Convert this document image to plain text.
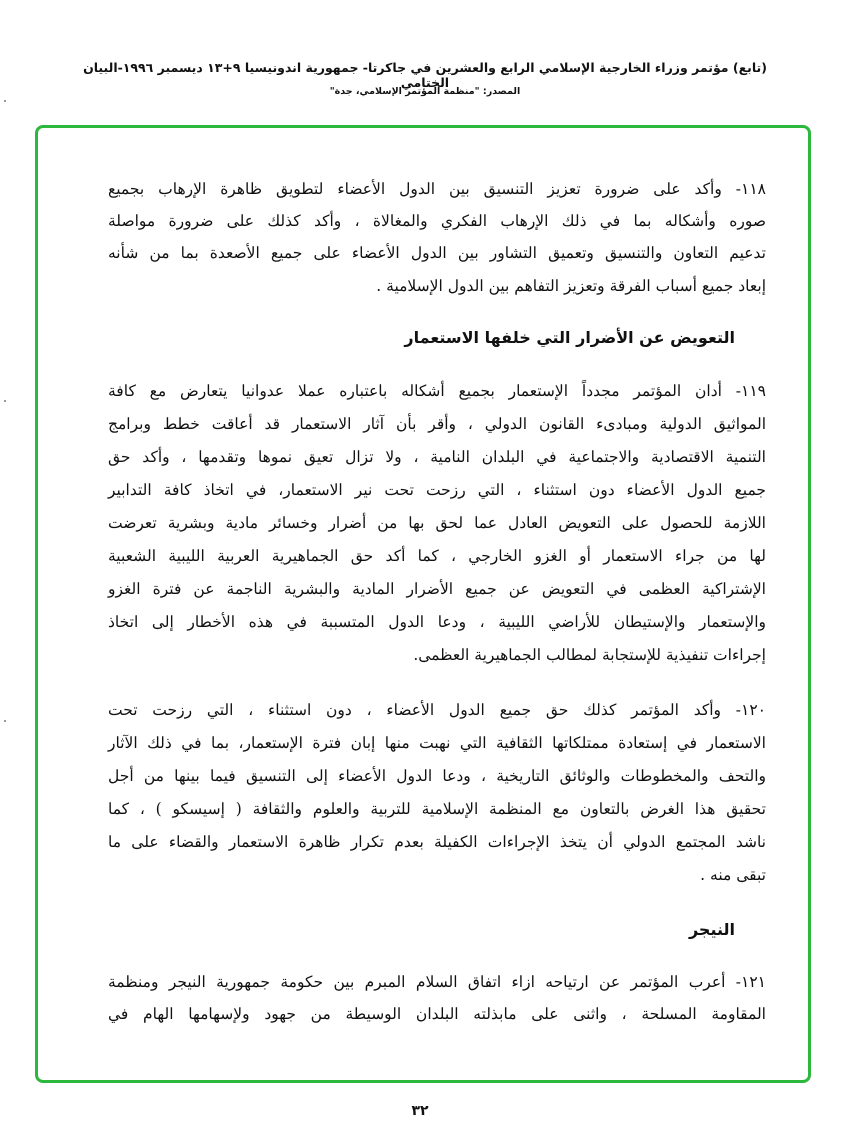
(تابع) مؤتمر وزراء الخارجية الإسلامي الرابع والعشرين في جاكرتا- جمهورية اندونيسيا ٩+١٣ ديسمبر ١٩٩٦-البيان الختامي
المصدر: "منظمة المؤتمر الإسلامي، جدة"
١١٨- وأكد على ضرورة تعزيز التنسيق بين الدول الأعضاء لتطويق ظاهرة الإرهاب بجميع
صوره وأشكاله بما في ذلك الإرهاب الفكري والمغالاة ، وأكد كذلك على ضرورة مواصلة
تدعيم التعاون والتنسيق وتعميق التشاور بين الدول الأعضاء على جميع الأصعدة بما من شأنه
إبعاد جميع أسباب الفرقة وتعزيز التفاهم بين الدول الإسلامية .
التعويض عن الأضرار التي خلفها الاستعمار
١١٩- أدان المؤتمر مجدداً الإستعمار بجميع أشكاله باعتباره عملا عدوانيا يتعارض مع كافة
المواثيق الدولية ومبادىء القانون الدولي ، وأقر بأن آثار الاستعمار قد أعاقت خطط وبرامج
التنمية الاقتصادية والاجتماعية في البلدان النامية ، ولا تزال تعيق نموها وتقدمها ، وأكد حق
جميع الدول الأعضاء دون استثناء ، التي رزحت تحت نير الاستعمار، في اتخاذ كافة التدابير
اللازمة للحصول على التعويض العادل عما لحق بها من أضرار وخسائر مادية وبشرية تعرضت
لها من جراء الاستعمار أو الغزو الخارجي ، كما أكد حق الجماهيرية العربية الليبية الشعبية
الإشتراكية العظمى في التعويض عن جميع الأضرار المادية والبشرية الناجمة عن فترة الغزو
والإستعمار والإستيطان للأراضي الليبية ، ودعا الدول المتسببة في هذه الأخطار إلى اتخاذ
إجراءات تنفيذية للإستجابة لمطالب الجماهيرية العظمى.
١٢٠- وأكد المؤتمر كذلك حق جميع الدول الأعضاء ، دون استثناء ، التي رزحت تحت
الاستعمار في إستعادة ممتلكاتها الثقافية التي نهبت منها إبان فترة الإستعمار، بما في ذلك الآثار
والتحف والمخطوطات والوثائق التاريخية ، ودعا الدول الأعضاء إلى التنسيق فيما بينها من أجل
تحقيق هذا الغرض بالتعاون مع المنظمة الإسلامية للتربية والعلوم والثقافة ( إسيسكو ) ، كما
ناشد المجتمع الدولي أن يتخذ الإجراءات الكفيلة بعدم تكرار ظاهرة الاستعمار والقضاء على ما
تبقى منه .
النيجر
١٢١- أعرب المؤتمر عن ارتياحه ازاء اتفاق السلام المبرم بين حكومة جمهورية النيجر ومنظمة
المقاومة المسلحة ، واثنى على مابذلته البلدان الوسيطة من جهود ولإسهامها الهام في
٣٢
